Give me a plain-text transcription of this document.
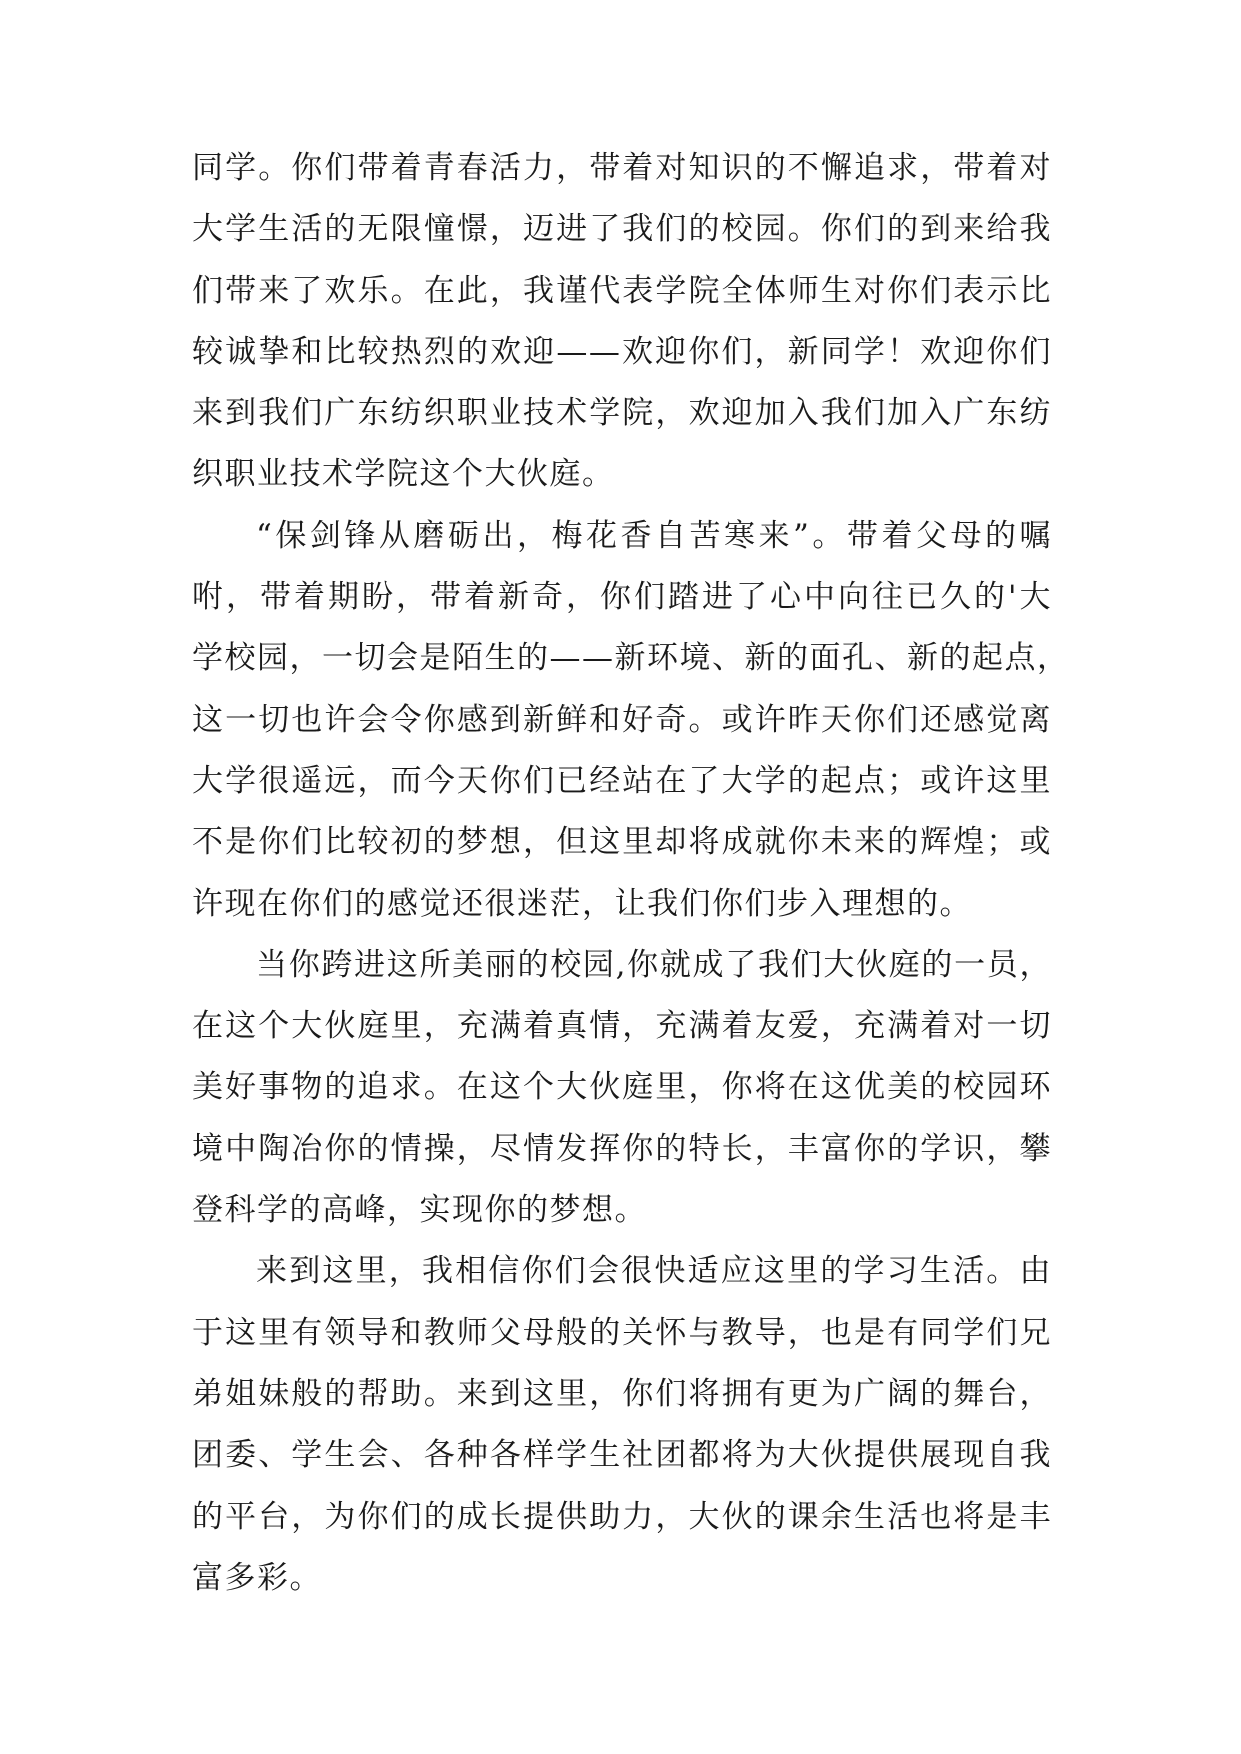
同学。你们带着青春活力，带着对知识的不懈追求，带着对
大学生活的无限憧憬，迈进了我们的校园。你们的到来给我
们带来了欢乐。在此，我谨代表学院全体师生对你们表示比
较诚挚和比较热烈的欢迎——欢迎你们，新同学！欢迎你们
来到我们广东纺织职业技术学院，欢迎加入我们加入广东纺
织职业技术学院这个大伙庭。
“保剑锋从磨砺出，梅花香自苦寒来”。带着父母的嘱
咐，带着期盼，带着新奇，你们踏进了心中向往已久的'大
学校园，一切会是陌生的——新环境、新的面孔、新的起点，
这一切也许会令你感到新鲜和好奇。或许昨天你们还感觉离
大学很遥远，而今天你们已经站在了大学的起点；或许这里
不是你们比较初的梦想，但这里却将成就你未来的辉煌；或
许现在你们的感觉还很迷茫，让我们你们步入理想的。
当你跨进这所美丽的校园,你就成了我们大伙庭的一员，
在这个大伙庭里，充满着真情，充满着友爱，充满着对一切
美好事物的追求。在这个大伙庭里，你将在这优美的校园环
境中陶冶你的情操，尽情发挥你的特长，丰富你的学识，攀
登科学的高峰，实现你的梦想。
来到这里，我相信你们会很快适应这里的学习生活。由
于这里有领导和教师父母般的关怀与教导，也是有同学们兄
弟姐妹般的帮助。来到这里，你们将拥有更为广阔的舞台，
团委、学生会、各种各样学生社团都将为大伙提供展现自我
的平台，为你们的成长提供助力，大伙的课余生活也将是丰
富多彩。
